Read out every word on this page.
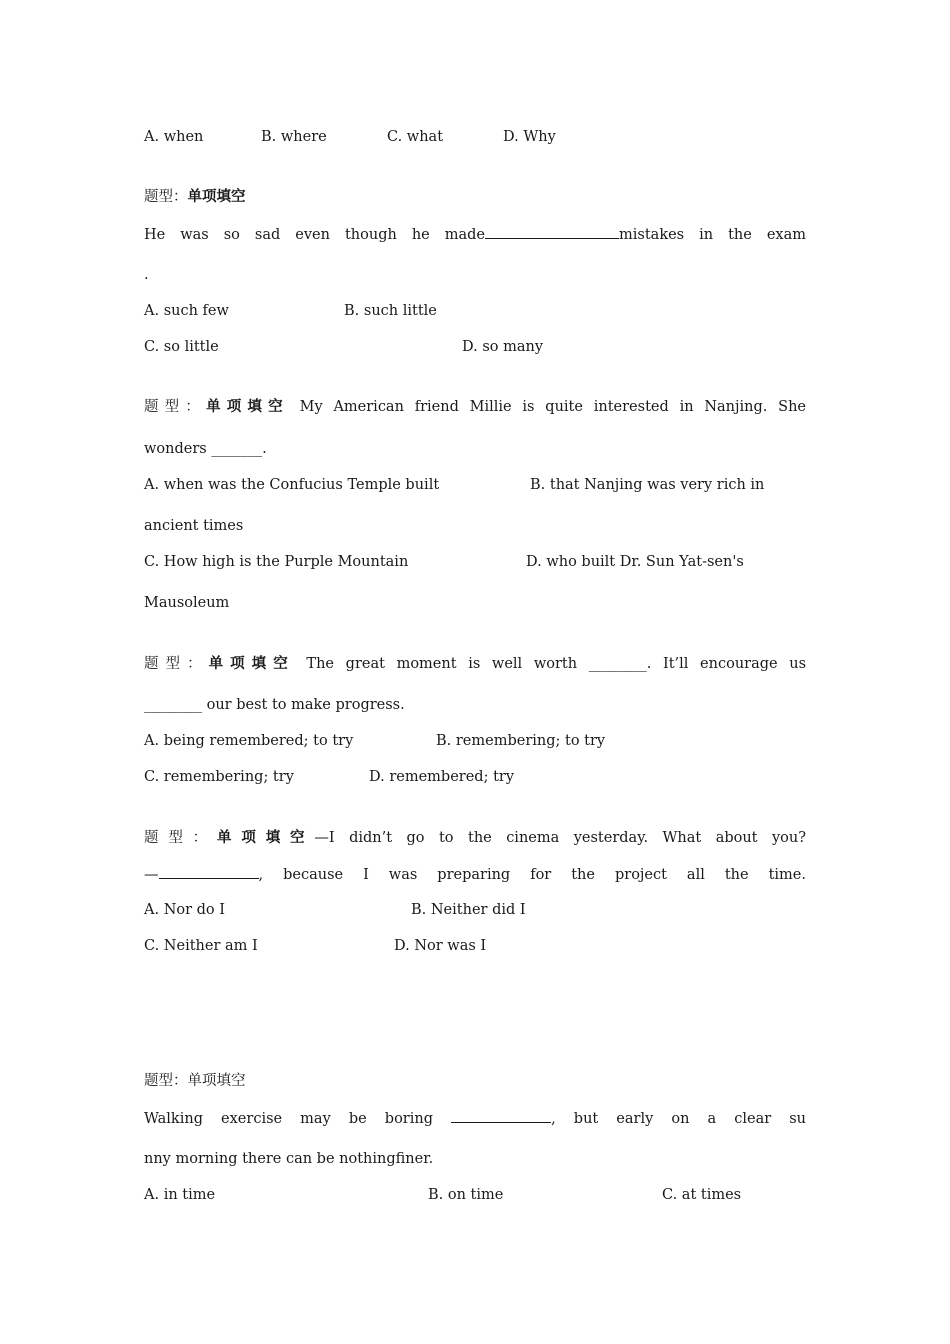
A. when	B. where	C. what	D. Why
题型：单项填空
He was so sad even though he made	mistakes in the exam
.
A. such few	B. such little
C. so little	D. so many
题型：单项填空 My American friend Millie is quite interested in Nanjing. She
wonders _______.
A. when was the Confucius Temple built	B. that Nanjing was very rich in
ancient times
C. How high is the Purple Mountain	D. who built Dr. Sun Yat-sen's
Mausoleum
题型：单项填空 The great moment is well worth ________. It’ll encourage us
________ our best to make progress.
A. being remembered; to try	B. remembering; to try
C. remembering; try	D. remembered; try
题型：单项填空—I didn’t go to the cinema yesterday. What about you?
—	, because I was preparing for the project all the time.
A. Nor do I	B. Neither did I
C. Neither am I	D. Nor was I
题型：单项填空
Walking exercise may be boring	, but early on a clear su
nny morning there can be nothingfiner.
A. in time	B. on time	C. at times
